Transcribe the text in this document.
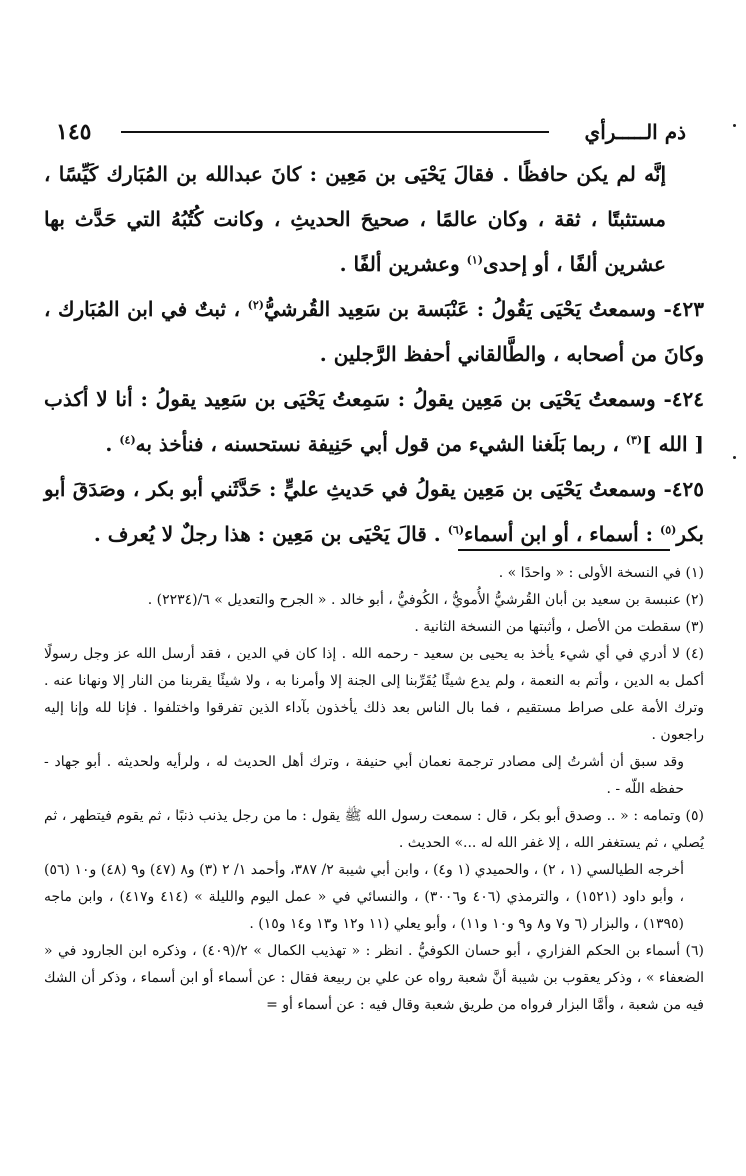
١٤٥	ذم الـــــرأي

إنَّه لم يكن حافظًا . فقالَ يَحْيَى بن مَعِين : كانَ عبدالله بن المُبَارك كَيِّسًا ، مستثبتًا ، ثقة ، وكان عالمًا ، صحيحَ الحديثِ ، وكانت كُتُبُهُ التي حَدَّث بها عشرين ألفًا ، أو إحدى$^{(١)}$ وعشرين ألفًا .

٤٢٣- وسمعتُ يَحْيَى يَقُولُ : عَنْبَسة بن سَعِيد القُرشيُّ$^{(٢)}$ ، ثبتٌ في ابن المُبَارك ، وكانَ من أصحابه ، والطَّالقاني أحفظ الرَّجلين .

٤٢٤- وسمعتُ يَحْيَى بن مَعِين يقولُ : سَمِعتُ يَحْيَى بن سَعِيد يقولُ : أنا لا أكذب [ الله ]$^{(٣)}$ ، ربما بَلَغنا الشيء من قول أبي حَنِيفة نستحسنه ، فنأخذ به$^{(٤)}$ .

٤٢٥- وسمعتُ يَحْيَى بن مَعِين يقولُ في حَديثِ عليٍّ : حَدَّثَني أبو بكر ، وصَدَقَ أبو بكر$^{(٥)}$ : أسماء ، أو ابن أسماء$^{(٦)}$ . قالَ يَحْيَى بن مَعِين : هذا رجلٌ لا يُعرف .

(١) في النسخة الأولى : « واحدًا » .

(٢) عنبسة بن سعيد بن أبان القُرشيُّ الأُمويُّ ، الكُوفيُّ ، أبو خالد . « الجرح والتعديل » ٦/(٢٢٣٤) .

(٣) سقطت من الأصل ، وأثبتها من النسخة الثانية .

(٤) لا أدري في أي شيء يأخذ به يحيى بن سعيد - رحمه الله . إذا كان في الدين ، فقد أرسل الله عز وجل رسولًا أكمل به الدين ، وأتم به النعمة ، ولم يدع شيئًا يُقَرِّبنا إلى الجنة إلا وأمرنا به ، ولا شيئًا يقربنا من النار إلا ونهانا عنه . وترك الأمة على صراط مستقيم ، فما بال الناس بعد ذلك يأخذون بآداء الذين تفرقوا واختلفوا . فإنا لله وإنا إليه راجعون .

وقد سبق أن أشرتُ إلى مصادر ترجمة نعمان أبي حنيفة ، وترك أهل الحديث له ، ولرأيه ولحديثه . أبو جهاد - حفظه اللّه - .

(٥) وتمامه : « .. وصدق أبو بكر ، قال : سمعت رسول الله ﷺ يقول : ما من رجل يذنب ذنبًا ، ثم يقوم فيتطهر ، ثم يُصلي ، ثم يستغفر الله ، إلا غفر الله له ...» الحديث .

أخرجه الطيالسي (١ ، ٢) ، والحميدي (١ و٤) ، وابن أبي شيبة ٢/ ٣٨٧، وأحمد ١/ ٢ (٣) و٨ (٤٧) و٩ (٤٨) و١٠ (٥٦) ، وأبو داود (١٥٢١) ، والترمذي (٤٠٦ و٣٠٠٦) ، والنسائي في « عمل اليوم والليلة » (٤١٤ و٤١٧) ، وابن ماجه (١٣٩٥) ، والبزار (٦ و٧ و٨ و٩ و١٠ و١١) ، وأبو يعلي (١١ و١٢ و١٣ و١٤ و١٥) .

(٦) أسماء بن الحكم الفزاري ، أبو حسان الكوفيُّ . انظر : « تهذيب الكمال » ٢/(٤٠٩) ، وذكره ابن الجارود في « الضعفاء » ، وذكر يعقوب بن شيبة أنَّ شعبة رواه عن علي بن ربيعة فقال : عن أسماء أو ابن أسماء ، وذكر أن الشك فيه من شعبة ، وأمَّا البزار فرواه من طريق شعبة وقال فيه : عن أسماء أو =
